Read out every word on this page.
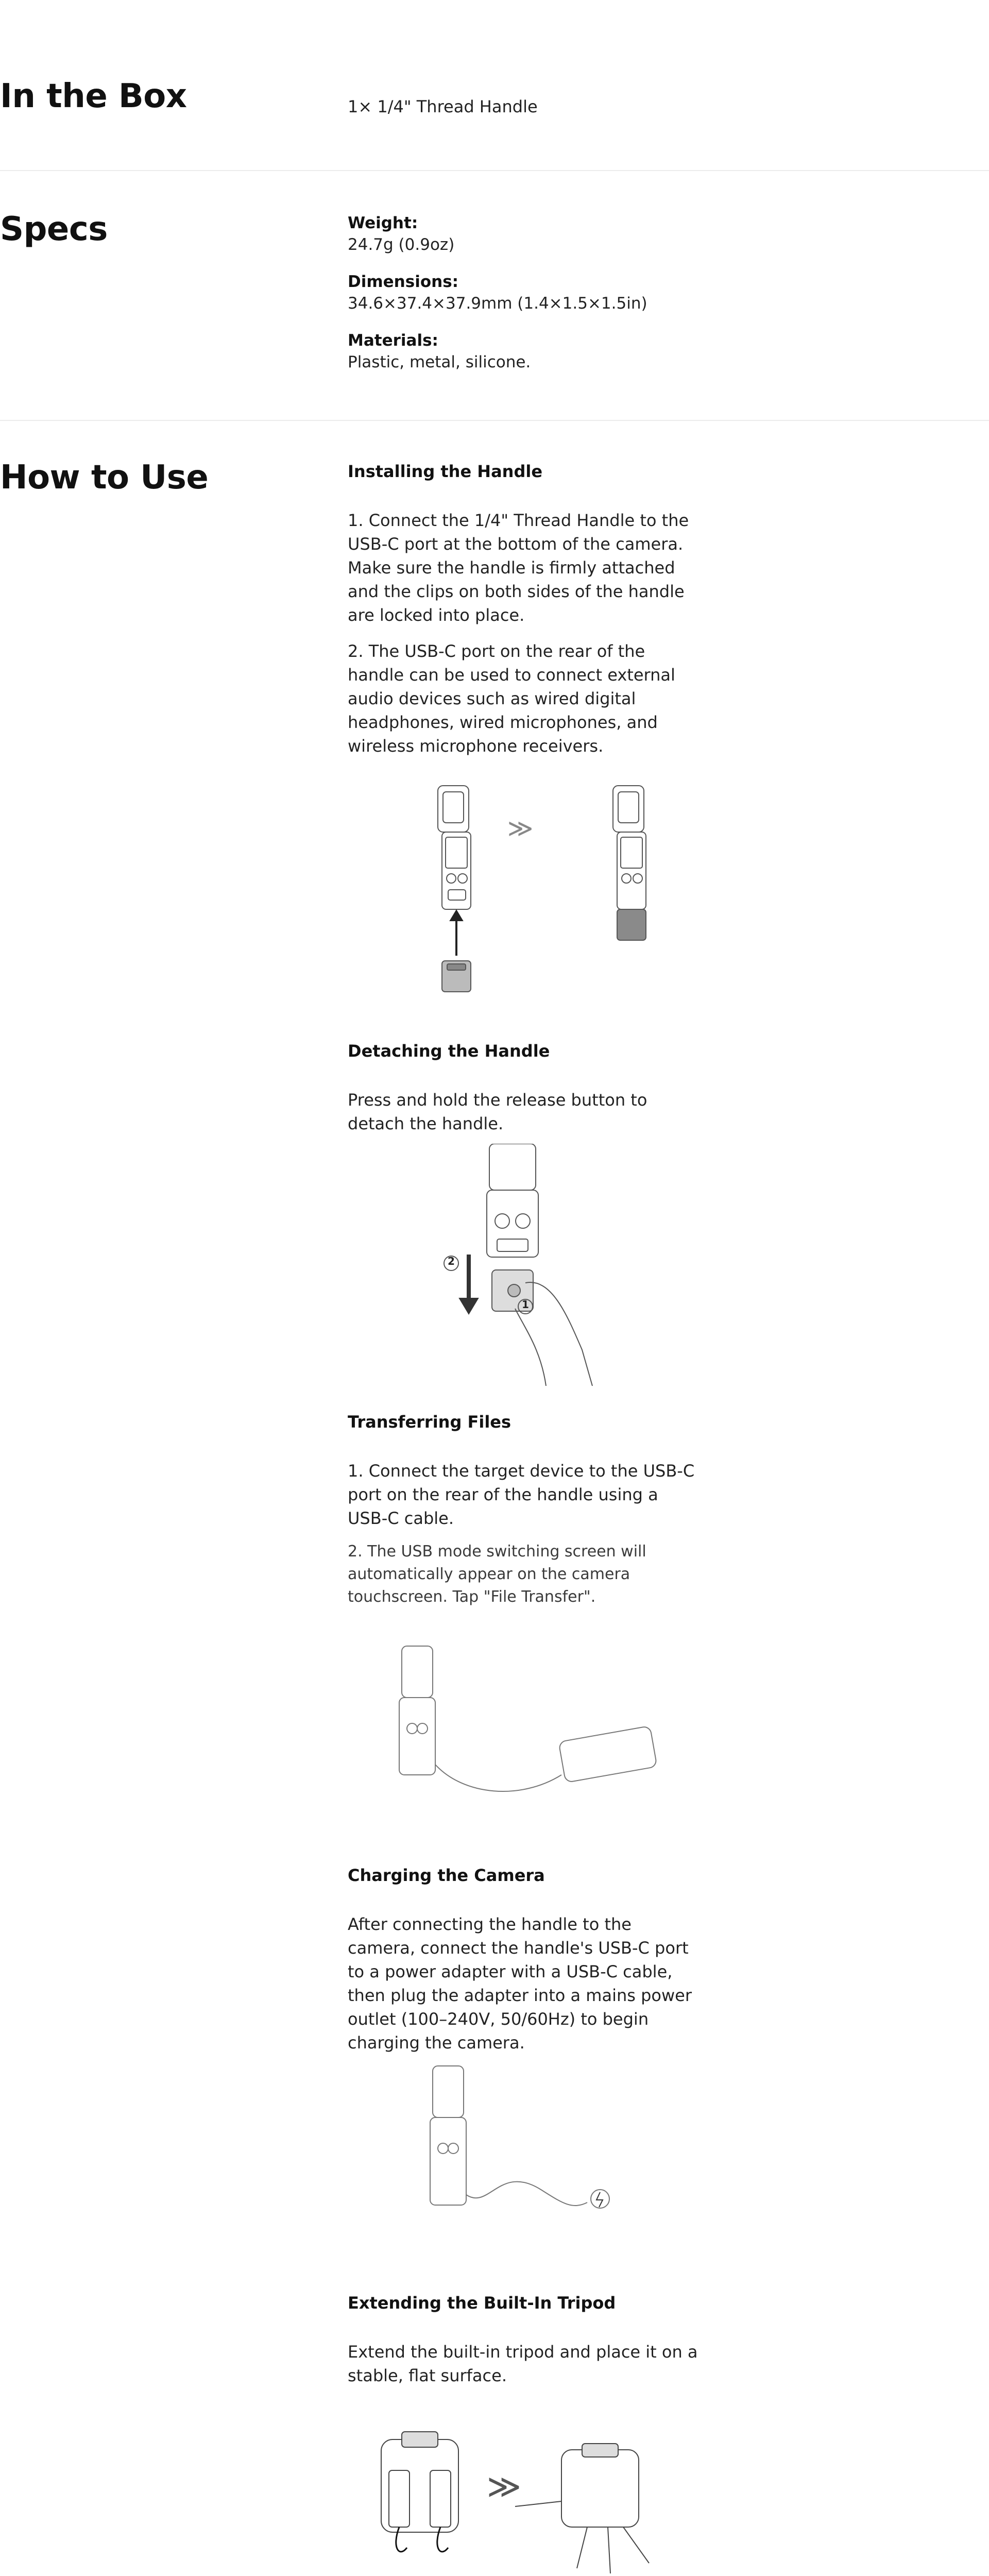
In the Box	1× 1/4" Thread Handle
Specs	Weight:
24.7g (0.9oz)
Dimensions:
34.6×37.4×37.9mm (1.4×1.5×1.5in)
Materials:
Plastic, metal, silicone.
How to Use	Installing the Handle
1. Connect the 1/4" Thread Handle to the USB-C port at the bottom of the camera. Make sure the handle is firmly attached and the clips on both sides of the handle are locked into place.
2. The USB-C port on the rear of the handle can be used to connect external audio devices such as wired digital headphones, wired microphones, and wireless microphone receivers.
≫
Detaching the Handle
Press and hold the release button to detach the handle.
2
1
Transferring Files
1. Connect the target device to the USB-C port on the rear of the handle using a USB-C cable.
2. The USB mode switching screen will automatically appear on the camera touchscreen. Tap "File Transfer".
Charging the Camera
After connecting the handle to the camera, connect the handle's USB-C port to a power adapter with a USB-C cable, then plug the adapter into a mains power outlet (100–240V, 50/60Hz) to begin charging the camera.
Extending the Built-In Tripod
Extend the built-in tripod and place it on a stable, flat surface.
≫
